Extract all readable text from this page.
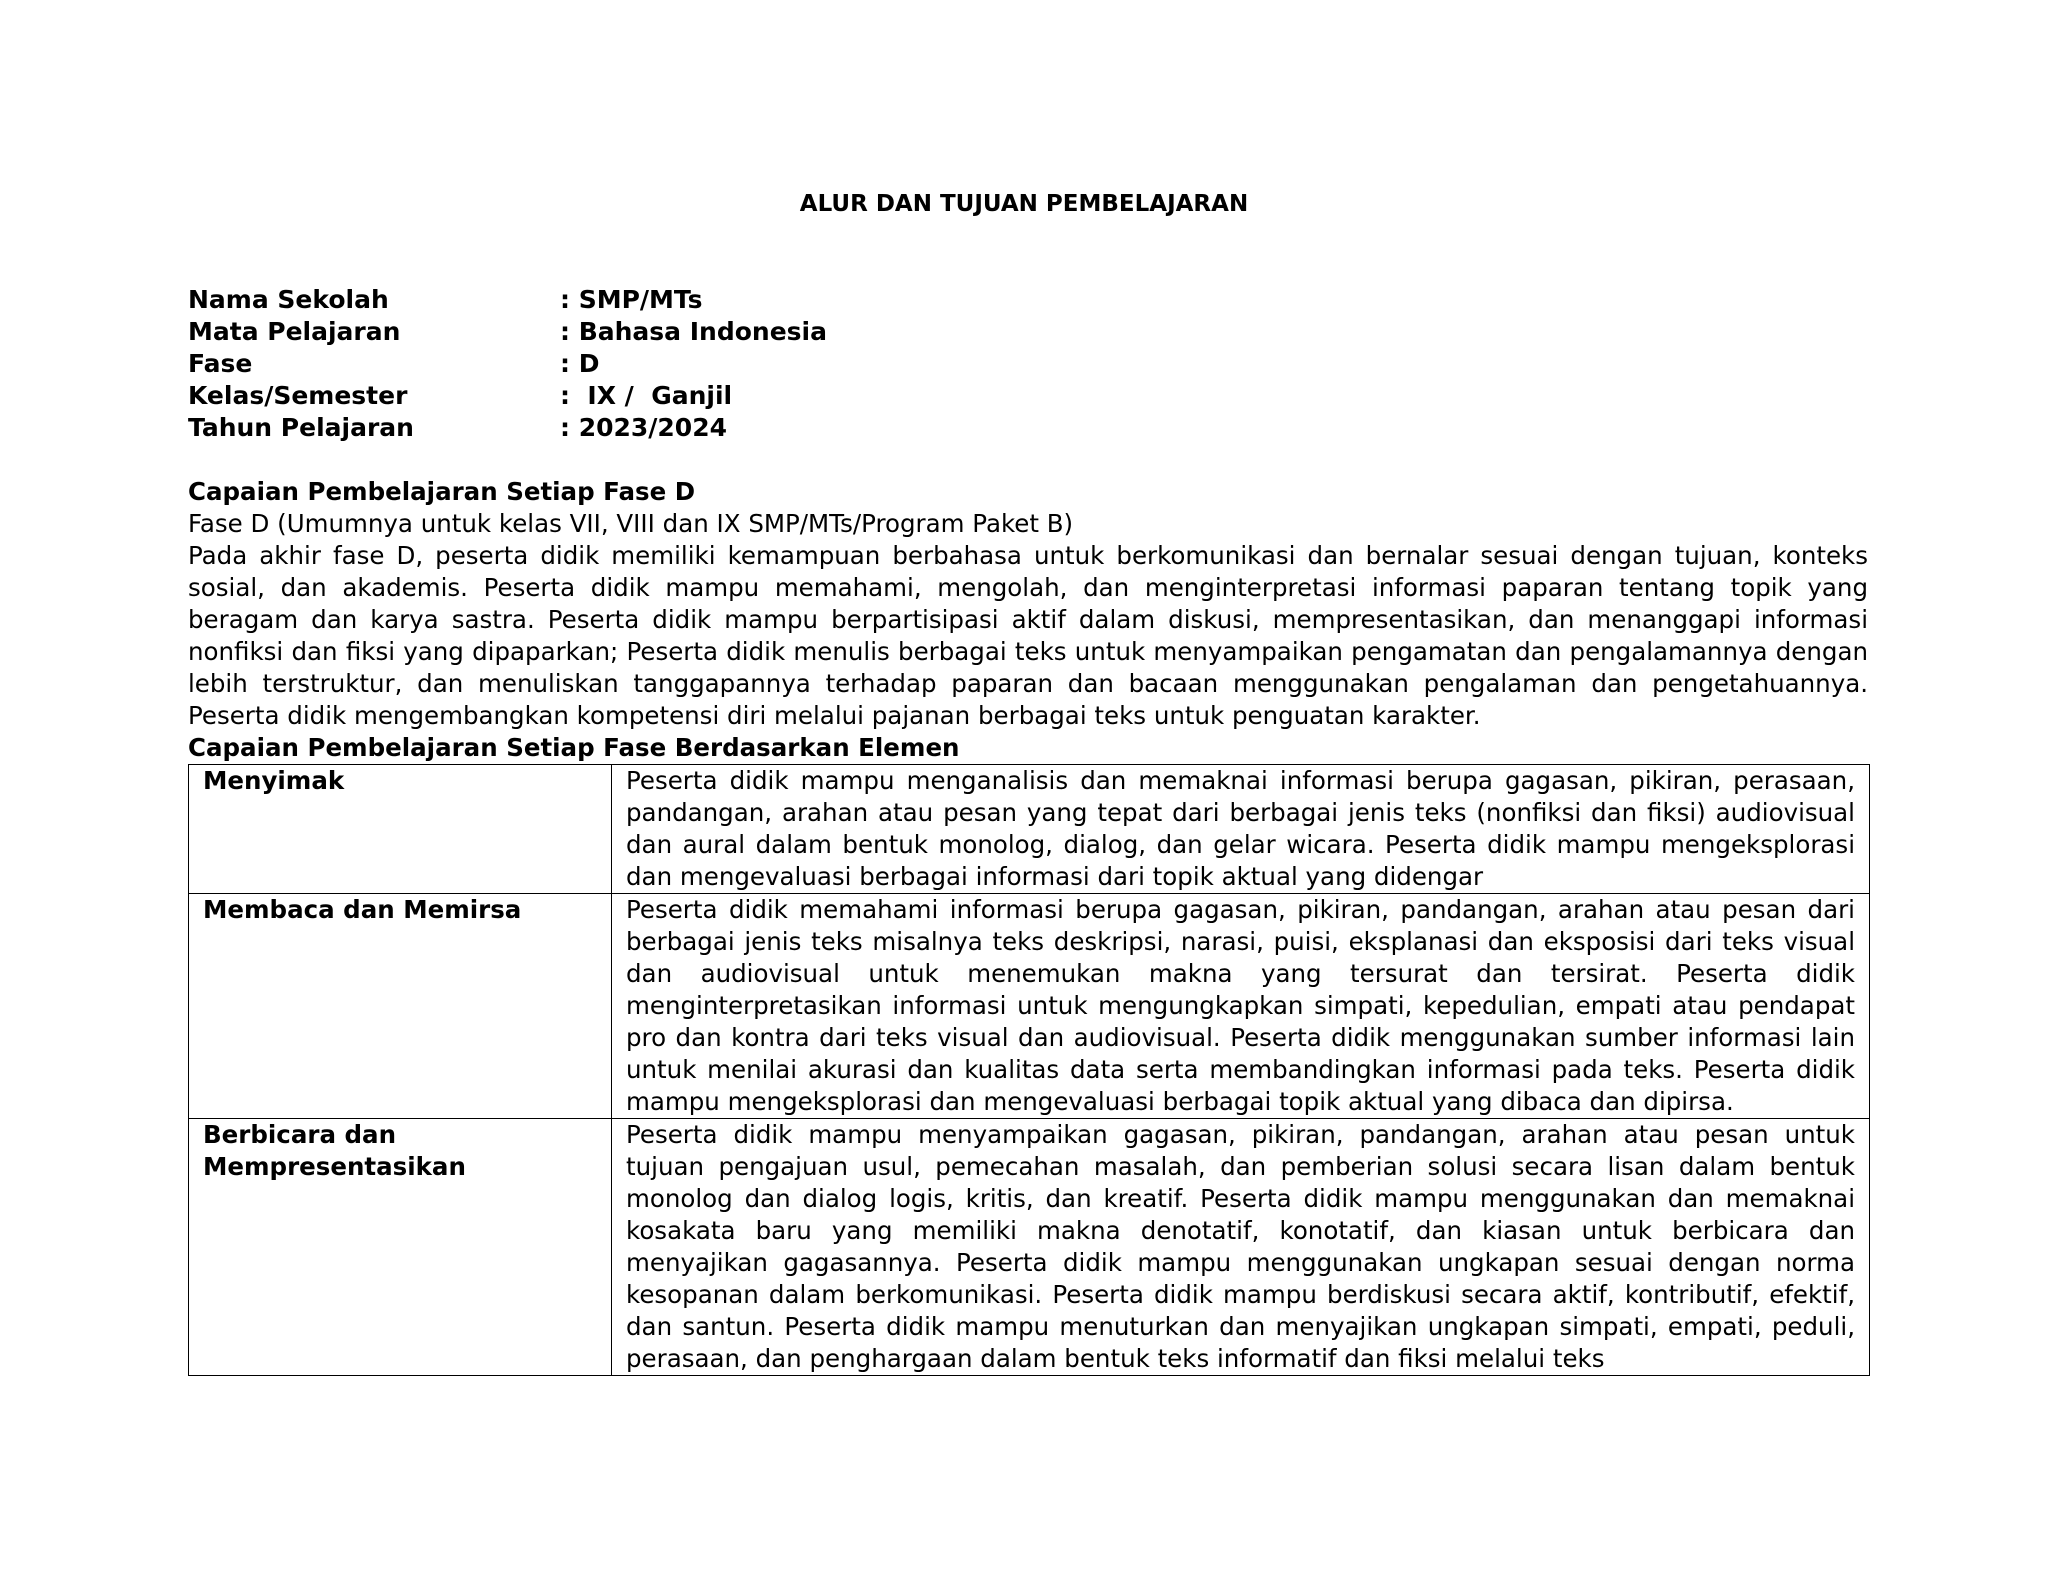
ALUR DAN TUJUAN PEMBELAJARAN
Nama Sekolah	: SMP/MTs
Mata Pelajaran	: Bahasa Indonesia
Fase	: D
Kelas/Semester	:  IX /  Ganjil
Tahun Pelajaran	: 2023/2024
Capaian Pembelajaran Setiap Fase D
Fase D (Umumnya untuk kelas VII, VIII dan IX SMP/MTs/Program Paket B)
Pada akhir fase D, peserta didik memiliki kemampuan berbahasa untuk berkomunikasi dan bernalar sesuai dengan tujuan, konteks sosial, dan akademis. Peserta didik mampu memahami, mengolah, dan menginterpretasi informasi paparan tentang topik yang beragam dan karya sastra. Peserta didik mampu berpartisipasi aktif dalam diskusi, mempresentasikan, dan menanggapi informasi nonfiksi dan fiksi yang dipaparkan; Peserta didik menulis berbagai teks untuk menyampaikan pengamatan dan pengalamannya dengan lebih terstruktur, dan menuliskan tanggapannya terhadap paparan dan bacaan menggunakan pengalaman dan pengetahuannya. Peserta didik mengembangkan kompetensi diri melalui pajanan berbagai teks untuk penguatan karakter.
Capaian Pembelajaran Setiap Fase Berdasarkan Elemen
Menyimak	Peserta didik mampu menganalisis dan memaknai informasi berupa gagasan, pikiran, perasaan, pandangan, arahan atau pesan yang tepat dari berbagai jenis teks (nonfiksi dan fiksi) audiovisual dan aural dalam bentuk monolog, dialog, dan gelar wicara. Peserta didik mampu mengeksplorasi dan mengevaluasi berbagai informasi dari topik aktual yang didengar
Membaca dan Memirsa	Peserta didik memahami informasi berupa gagasan, pikiran, pandangan, arahan atau pesan dari berbagai jenis teks misalnya teks deskripsi, narasi, puisi, eksplanasi dan eksposisi dari teks visual dan audiovisual untuk menemukan makna yang tersurat dan tersirat. Peserta didik menginterpretasikan informasi untuk mengungkapkan simpati, kepedulian, empati atau pendapat pro dan kontra dari teks visual dan audiovisual. Peserta didik menggunakan sumber informasi lain untuk menilai akurasi dan kualitas data serta membandingkan informasi pada teks. Peserta didik mampu mengeksplorasi dan mengevaluasi berbagai topik aktual yang dibaca dan dipirsa.
Berbicara dan Mempresentasikan	Peserta didik mampu menyampaikan gagasan, pikiran, pandangan, arahan atau pesan untuk tujuan pengajuan usul, pemecahan masalah, dan pemberian solusi secara lisan dalam bentuk monolog dan dialog logis, kritis, dan kreatif. Peserta didik mampu menggunakan dan memaknai kosakata baru yang memiliki makna denotatif, konotatif, dan kiasan untuk berbicara dan menyajikan gagasannya. Peserta didik mampu menggunakan ungkapan sesuai dengan norma kesopanan dalam berkomunikasi. Peserta didik mampu berdiskusi secara aktif, kontributif, efektif, dan santun. Peserta didik mampu menuturkan dan menyajikan ungkapan simpati, empati, peduli, perasaan, dan penghargaan dalam bentuk teks informatif dan fiksi melalui teks
